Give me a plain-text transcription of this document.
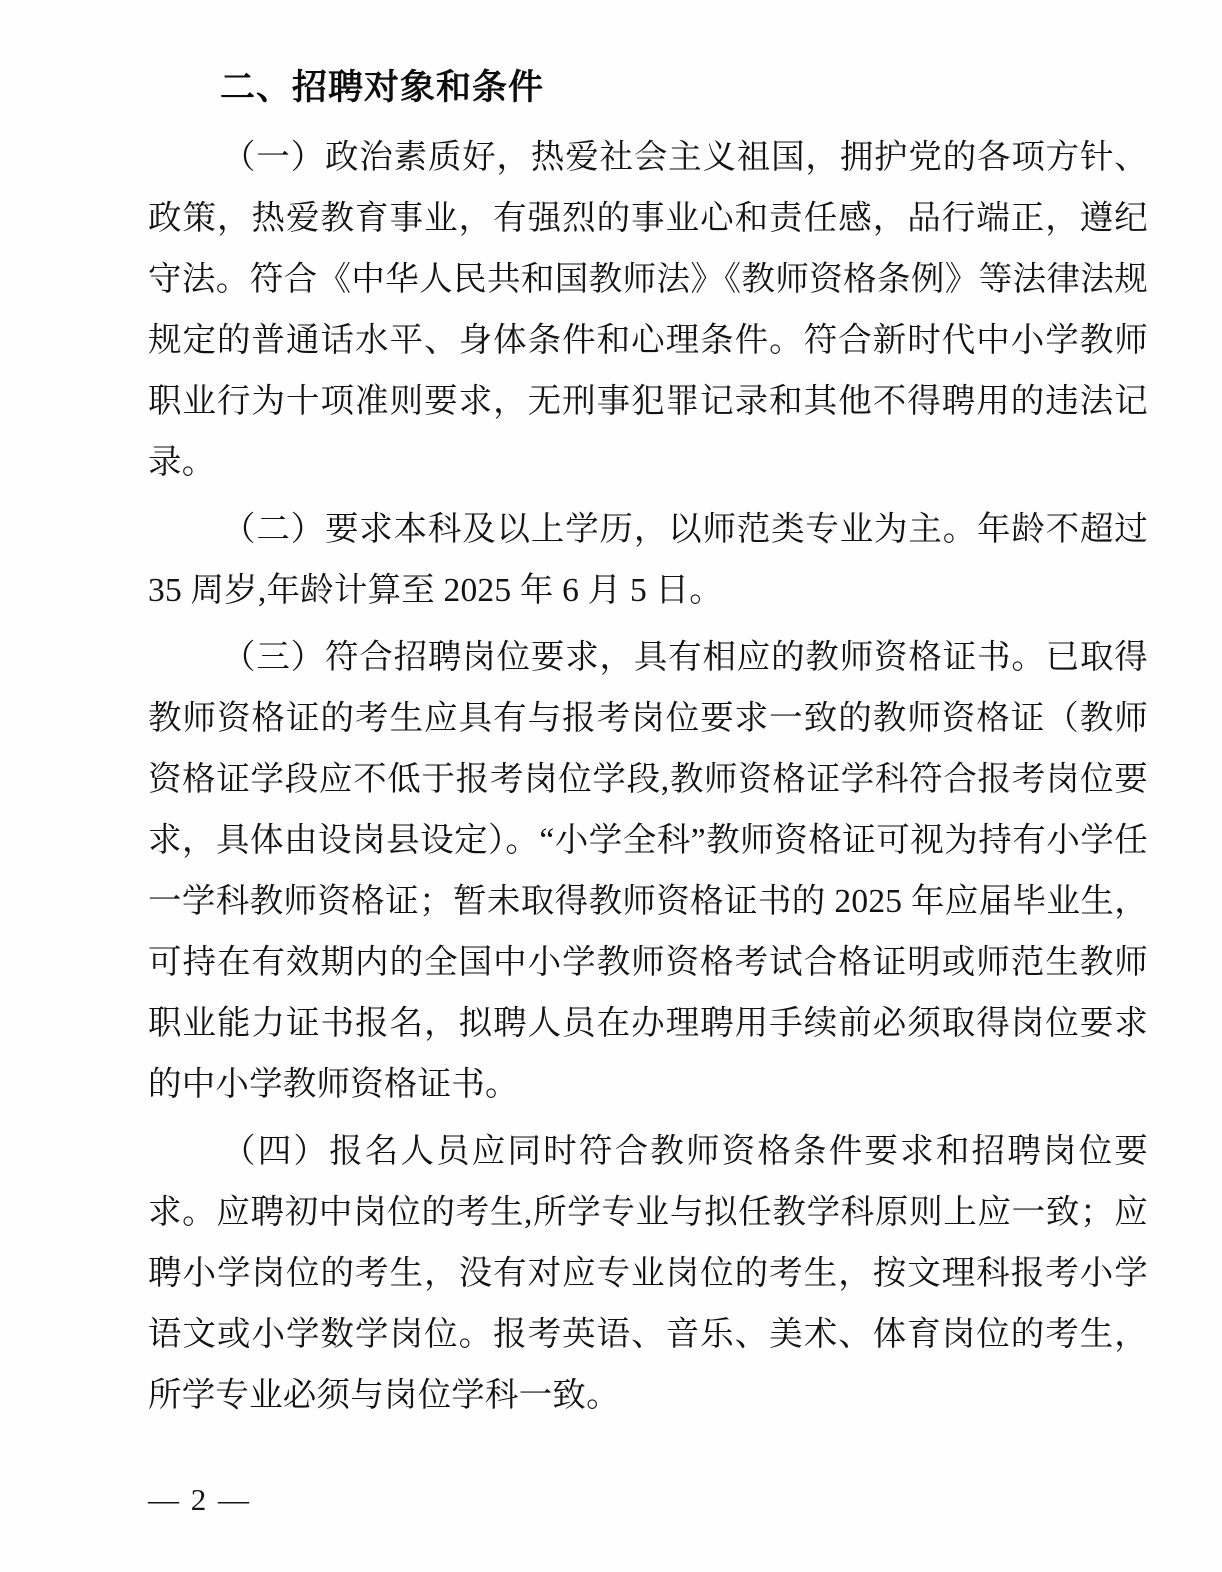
二、招聘对象和条件

（一）政治素质好，热爱社会主义祖国，拥护党的各项方针、政策，热爱教育事业，有强烈的事业心和责任感，品行端正，遵纪守法。符合《中华人民共和国教师法》《教师资格条例》等法律法规规定的普通话水平、身体条件和心理条件。符合新时代中小学教师职业行为十项准则要求，无刑事犯罪记录和其他不得聘用的违法记录。

（二）要求本科及以上学历，以师范类专业为主。年龄不超过 35 周岁,年龄计算至 2025 年 6 月 5 日。

（三）符合招聘岗位要求，具有相应的教师资格证书。已取得教师资格证的考生应具有与报考岗位要求一致的教师资格证（教师资格证学段应不低于报考岗位学段,教师资格证学科符合报考岗位要求，具体由设岗县设定）。“小学全科”教师资格证可视为持有小学任一学科教师资格证；暂未取得教师资格证书的 2025 年应届毕业生， 可持在有效期内的全国中小学教师资格考试合格证明或师范生教师职业能力证书报名，拟聘人员在办理聘用手续前必须取得岗位要求的中小学教师资格证书。

（四）报名人员应同时符合教师资格条件要求和招聘岗位要求。应聘初中岗位的考生,所学专业与拟任教学科原则上应一致；应聘小学岗位的考生，没有对应专业岗位的考生，按文理科报考小学语文或小学数学岗位。报考英语、音乐、美术、体育岗位的考生，所学专业必须与岗位学科一致。

— 2 —
